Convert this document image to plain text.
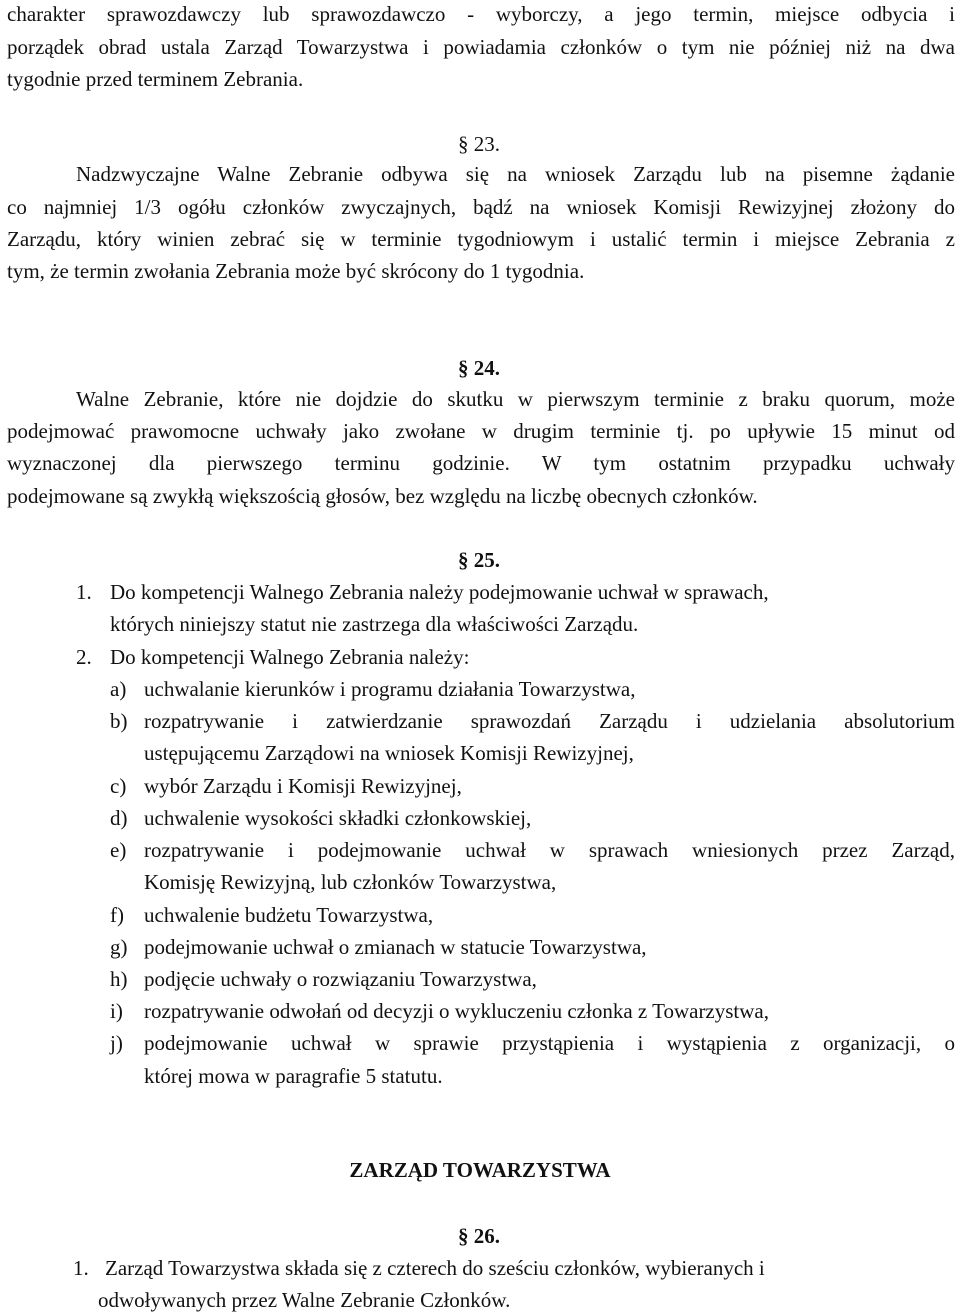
charakter sprawozdawczy lub sprawozdawczo - wyborczy, a jego termin, miejsce odbycia i
porządek obrad ustala Zarząd Towarzystwa i powiadamia członków o tym nie później niż na dwa
tygodnie przed terminem Zebrania.
§ 23.
Nadzwyczajne Walne Zebranie odbywa się na wniosek Zarządu lub na pisemne żądanie
co najmniej 1/3 ogółu członków zwyczajnych, bądź na wniosek Komisji Rewizyjnej złożony do
Zarządu, który winien zebrać się w terminie tygodniowym i ustalić termin i miejsce Zebrania z
tym, że termin zwołania Zebrania może być skrócony do 1 tygodnia.
§ 24.
Walne Zebranie, które nie dojdzie do skutku w pierwszym terminie z braku quorum, może
podejmować prawomocne uchwały jako zwołane w drugim terminie tj. po upływie 15 minut od
wyznaczonej dla pierwszego terminu godzinie. W tym ostatnim przypadku uchwały
podejmowane są zwykłą większością głosów, bez względu na liczbę obecnych członków.
§ 25.
1. Do kompetencji Walnego Zebrania należy podejmowanie uchwał w sprawach,
których niniejszy statut nie zastrzega dla właściwości Zarządu.
2. Do kompetencji Walnego Zebrania należy:
a) uchwalanie kierunków i programu działania Towarzystwa,
b) rozpatrywanie i zatwierdzanie sprawozdań Zarządu i udzielania absolutorium
ustępującemu Zarządowi na wniosek Komisji Rewizyjnej,
c) wybór Zarządu i Komisji Rewizyjnej,
d) uchwalenie wysokości składki członkowskiej,
e) rozpatrywanie i podejmowanie uchwał w sprawach wniesionych przez Zarząd,
Komisję Rewizyjną, lub członków Towarzystwa,
f) uchwalenie budżetu Towarzystwa,
g) podejmowanie uchwał o zmianach w statucie Towarzystwa,
h) podjęcie uchwały o rozwiązaniu Towarzystwa,
i) rozpatrywanie odwołań od decyzji o wykluczeniu członka z Towarzystwa,
j) podejmowanie uchwał w sprawie przystąpienia i wystąpienia z organizacji, o
której mowa w paragrafie 5 statutu.
ZARZĄD TOWARZYSTWA
§ 26.
1. Zarząd Towarzystwa składa się z czterech do sześciu członków, wybieranych i
odwoływanych przez Walne Zebranie Członków.
